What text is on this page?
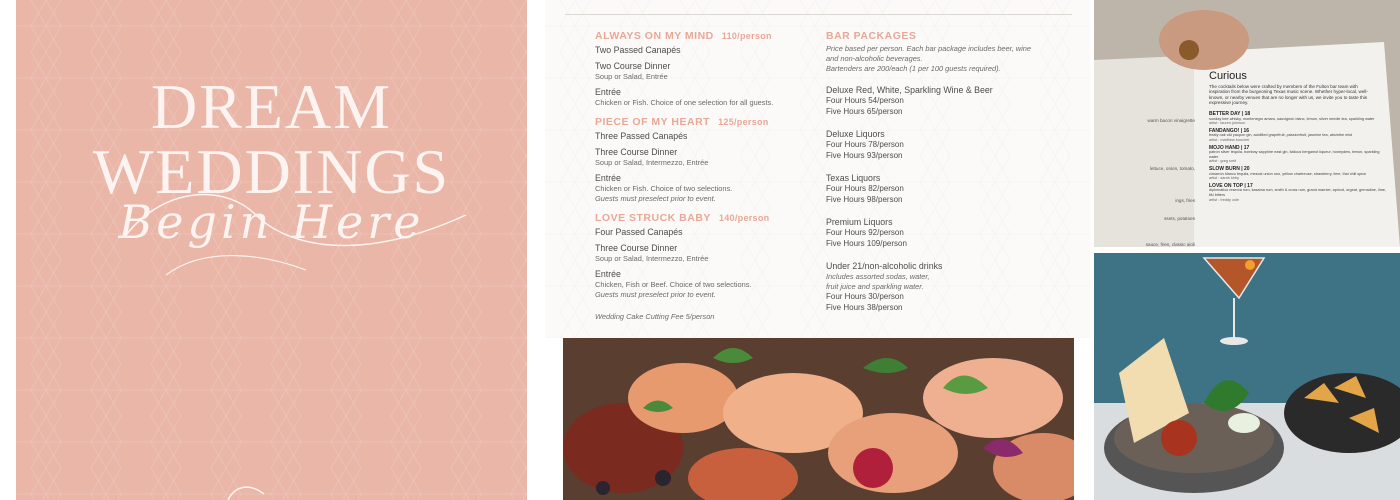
DREAM
WEDDINGS
Begin Here
ALWAYS ON MY MIND 110/person

Two Passed Canapés

Two Course Dinner

Soup or Salad, Entrée

Entrée

Chicken or Fish. Choice of one selection for all guests.

PIECE OF MY HEART 125/person

Three Passed Canapés

Three Course Dinner

Soup or Salad, Intermezzo, Entrée

Entrée

Chicken or Fish. Choice of two selections.

Guests must preselect prior to event.

LOVE STRUCK BABY 140/person

Four Passed Canapés

Three Course Dinner

Soup or Salad, Intermezzo, Entrée

Entrée

Chicken, Fish or Beef. Choice of two selections.

Guests must preselect prior to event.

Wedding Cake Cutting Fee 5/person

BAR PACKAGES

Price based per person. Each bar package includes beer, wine

and non-alcoholic beverages.

Bartenders are 200/each (1 per 100 guests required).

Deluxe Red, White, Sparkling Wine & Beer

Four Hours 54/person

Five Hours 65/person

Deluxe Liquors

Four Hours 78/person

Five Hours 93/person

Texas Liquors

Four Hours 82/person

Five Hours 98/person

Premium Liquors

Four Hours 92/person

Five Hours 109/person

Under 21/non-alcoholic drinks

Includes assorted sodas, water,

fruit juice and sparkling water.

Four Hours 30/person

Five Hours 38/person

Curious
The cocktails below were crafted by members of the Fulton bar team with inspiration from the burgeoning Texas music scene. Whether hyper-local, well-known, or nearby venues that are no longer with us, we invite you to taste this expressive journey.
BETTER DAY | 18
sunday bee whisky, montenegro amaro, sauvignon blanc, lemon, silver needle tea, sparkling water
artist : lauren johnson
FANDANGO! | 16
treaty oak old yaupon gin, acidified grapefruit, passionfruit, jasmine tea, absinthe mist
artist : matthew boucher
MOJO HAND | 17
patrón silver tequila, bombay sapphire east gin, italicus bergamot liqueur, honeydew, lemon, sparkling water
artist : greg smit
SLOW BURN | 20
cimarrón blanco tequila, mezcal union uno, yellow chartreuse, strawberry, lime, thai chili spice
artist : sarah kirby
LOVE ON TOP | 17
diplomatico reserva rum, kasama rum, smith & cross rum, grand marnier, apricot, orgeat, grenadine, lime, tiki bitters
artist : freddy cole
warm bacon vinaigrette
lettuce, onion, tomato,
ings, fries
ssets, potatoes
sauce, fries, classic aioli
